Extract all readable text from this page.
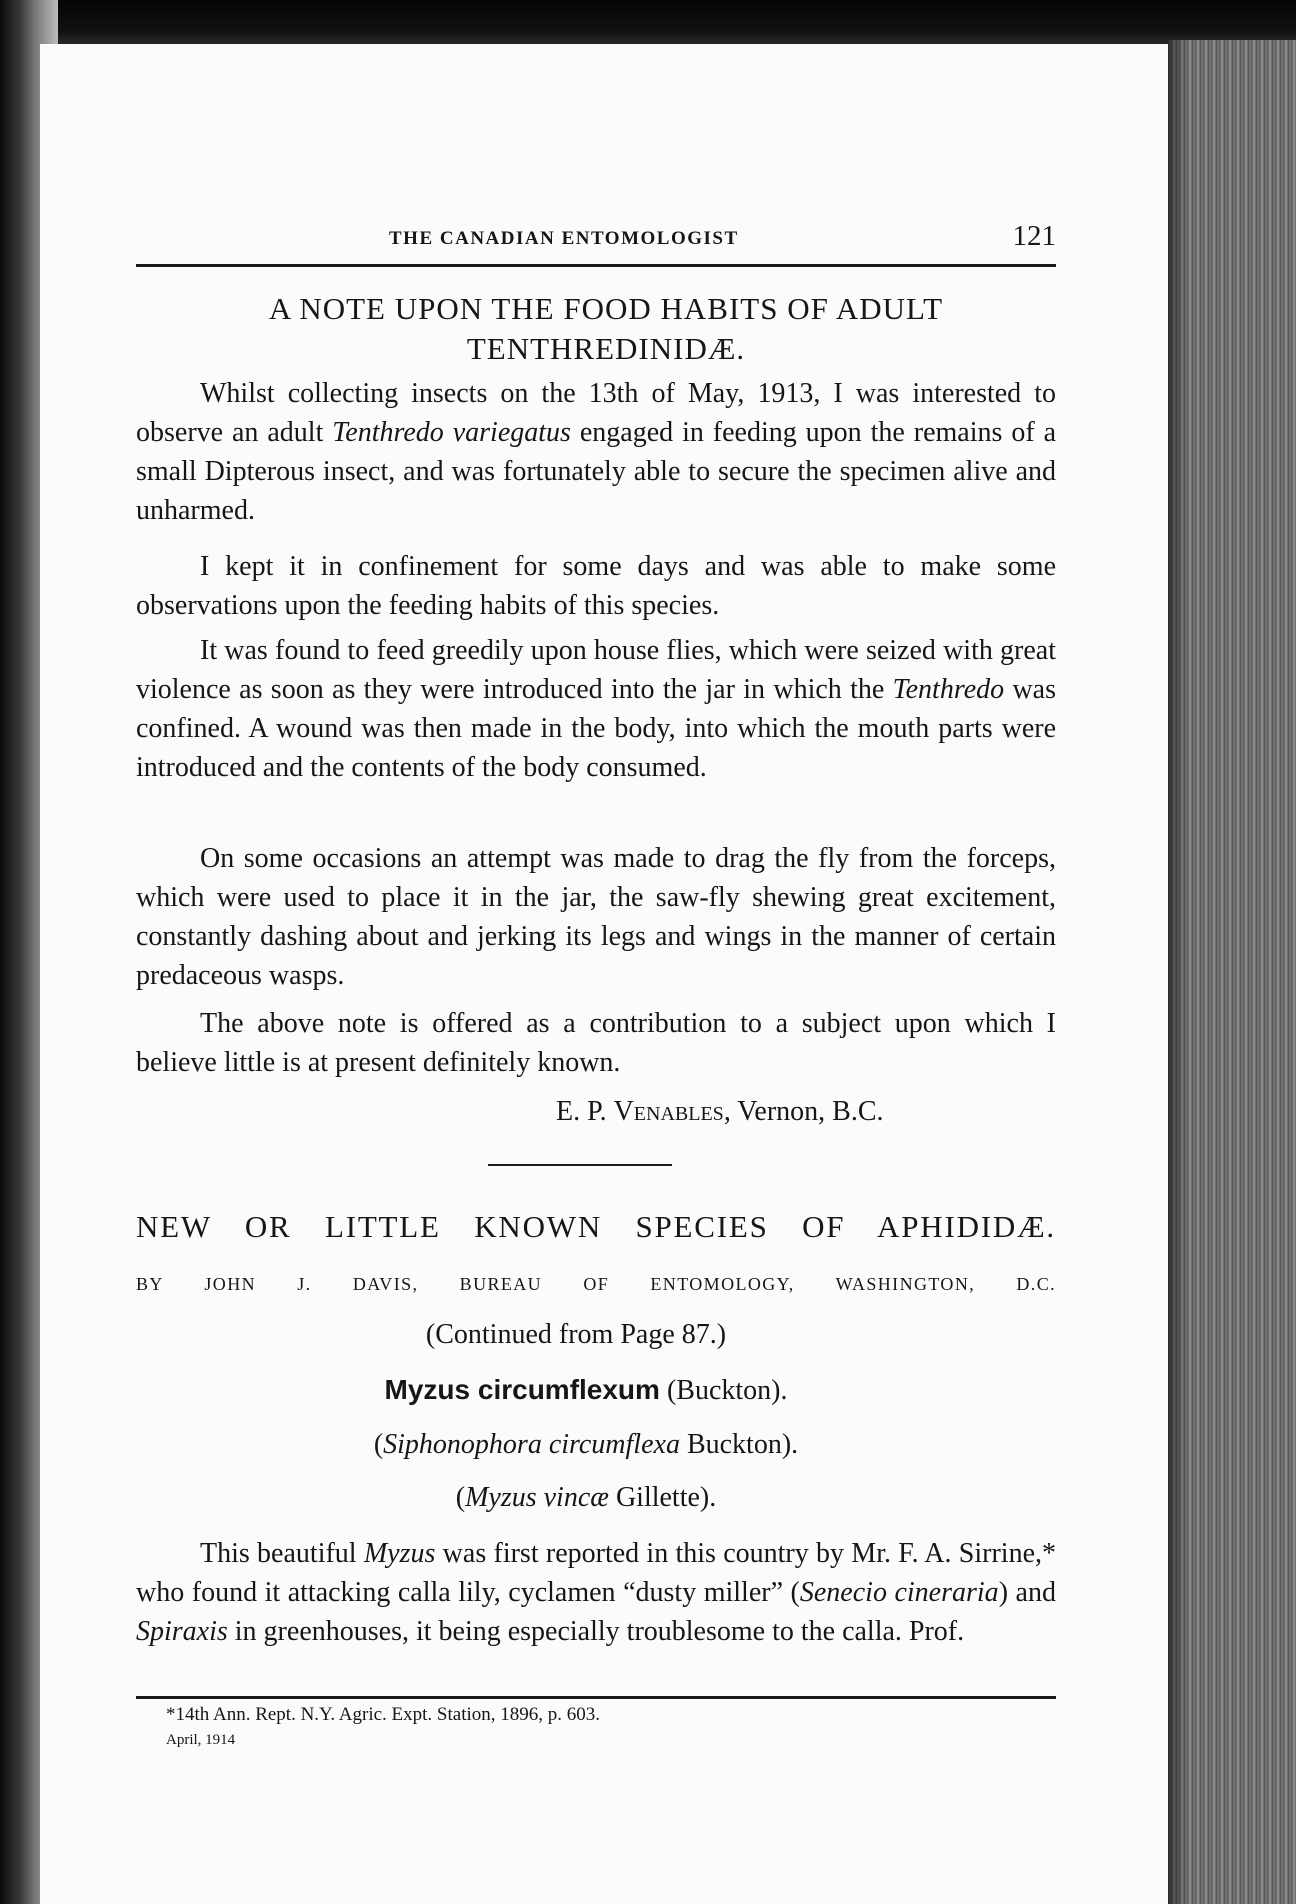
THE CANADIAN ENTOMOLOGIST	121
A NOTE UPON THE FOOD HABITS OF ADULT TENTHREDINIDÆ.

Whilst collecting insects on the 13th of May, 1913, I was interested to observe an adult Tenthredo variegatus engaged in feeding upon the remains of a small Dipterous insect, and was fortunately able to secure the specimen alive and unharmed.

I kept it in confinement for some days and was able to make some observations upon the feeding habits of this species.

It was found to feed greedily upon house flies, which were seized with great violence as soon as they were introduced into the jar in which the Tenthredo was confined. A wound was then made in the body, into which the mouth parts were introduced and the contents of the body consumed.

On some occasions an attempt was made to drag the fly from the forceps, which were used to place it in the jar, the saw-fly shewing great excitement, constantly dashing about and jerking its legs and wings in the manner of certain predaceous wasps.

The above note is offered as a contribution to a subject upon which I believe little is at present definitely known.

E. P. Venables, Vernon, B.C.
NEW OR LITTLE KNOWN SPECIES OF APHIDIDÆ.
BY JOHN J. DAVIS, BUREAU OF ENTOMOLOGY, WASHINGTON, D.C.
(Continued from Page 87.)
Myzus circumflexum (Buckton).
(Siphonophora circumflexa Buckton).
(Myzus vincæ Gillette).

This beautiful Myzus was first reported in this country by Mr. F. A. Sirrine,* who found it attacking calla lily, cyclamen “dusty miller” (Senecio cineraria) and Spiraxis in greenhouses, it being especially troublesome to the calla. Prof.

*14th Ann. Rept. N.Y. Agric. Expt. Station, 1896, p. 603.
April, 1914
